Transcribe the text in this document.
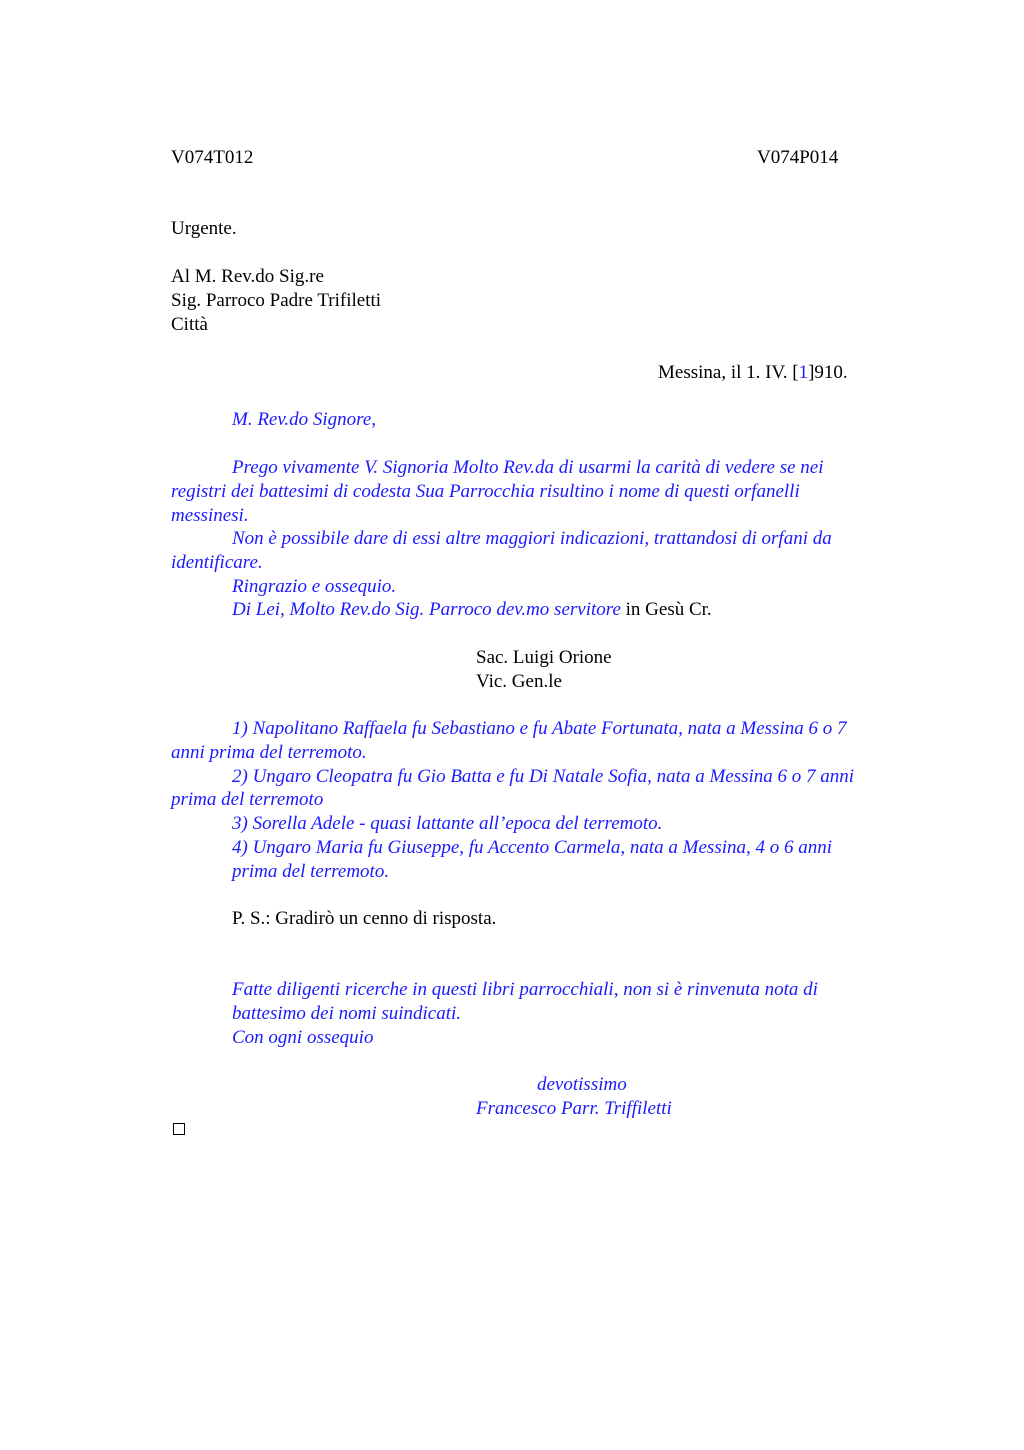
V074T012	V074P014
Urgente.
Al M. Rev.do Sig.re
Sig. Parroco Padre Trifiletti
Città
Messina, il 1. IV. [1]910.
M. Rev.do Signore,
Prego vivamente V. Signoria Molto Rev.da di usarmi la carità di vedere se nei
registri dei battesimi di codesta Sua Parrocchia risultino i nome di questi orfanelli
messinesi.
Non è possibile dare di essi altre maggiori indicazioni, trattandosi di orfani da
identificare.
Ringrazio e ossequio.
Di Lei, Molto Rev.do Sig. Parroco dev.mo servitore in Gesù Cr.
Sac. Luigi Orione
Vic. Gen.le
1) Napolitano Raffaela fu Sebastiano e fu Abate Fortunata, nata a Messina 6 o 7
anni prima del terremoto.
2) Ungaro Cleopatra fu Gio Batta e fu Di Natale Sofia, nata a Messina 6 o 7 anni
prima del terremoto
3) Sorella Adele - quasi lattante all’epoca del terremoto.
4) Ungaro Maria fu Giuseppe, fu Accento Carmela, nata a Messina, 4 o 6 anni
prima del terremoto.
P. S.: Gradirò un cenno di risposta.
Fatte diligenti ricerche in questi libri parrocchiali, non si è rinvenuta nota di
battesimo dei nomi suindicati.
Con ogni ossequio
devotissimo
Francesco Parr. Triffiletti
